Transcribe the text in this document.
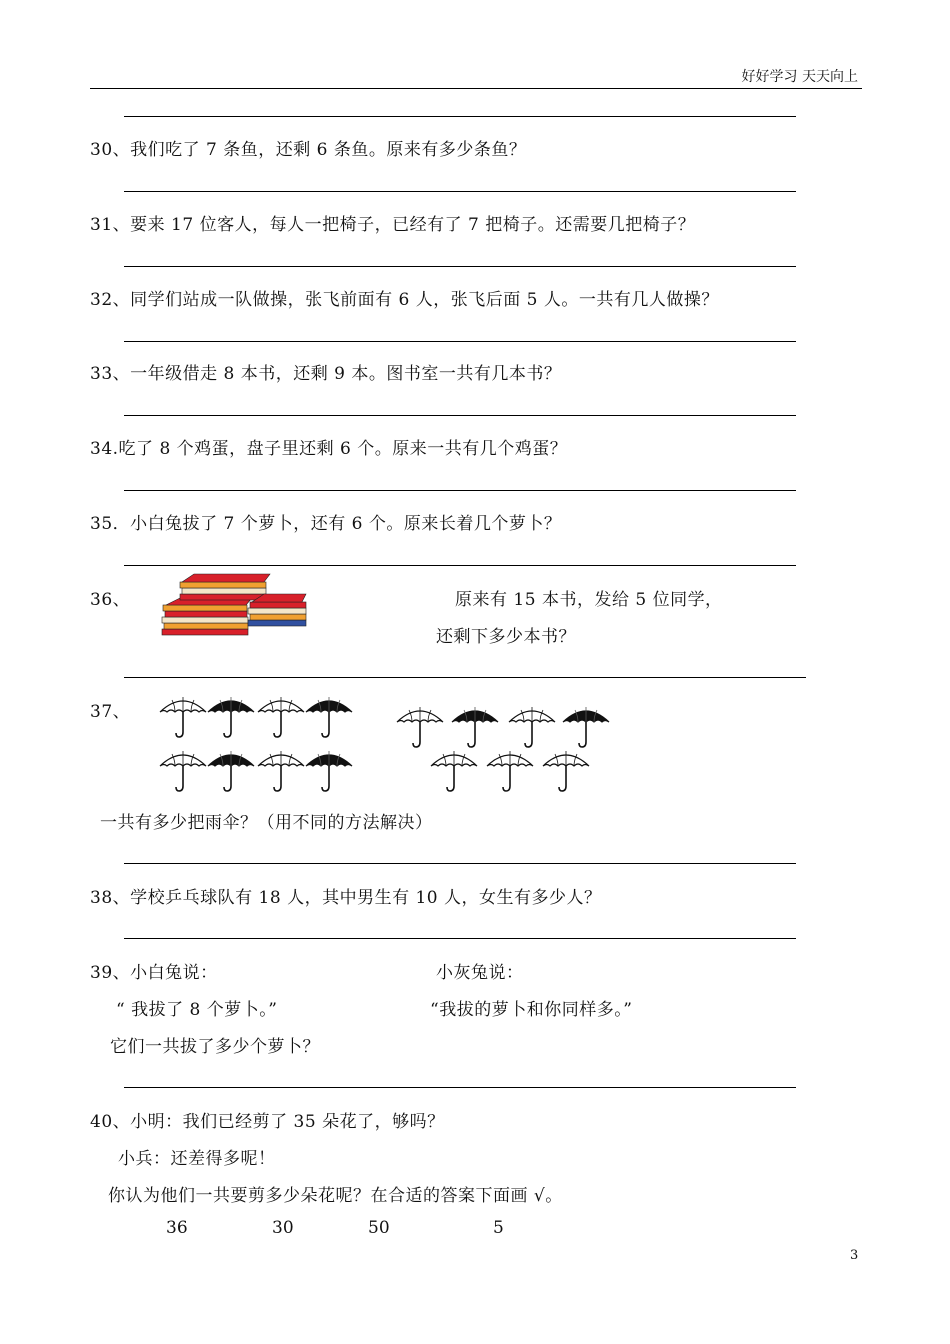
好好学习 天天向上
30、我们吃了 7 条鱼，还剩 6 条鱼。原来有多少条鱼？
31、要来 17 位客人，每人一把椅子，已经有了 7 把椅子。还需要几把椅子？
32、同学们站成一队做操，张飞前面有 6 人，张飞后面 5 人。一共有几人做操？
33、一年级借走 8 本书，还剩 9 本。图书室一共有几本书？
34.吃了 8 个鸡蛋，盘子里还剩 6 个。原来一共有几个鸡蛋？
35．小白兔拔了 7 个萝卜，还有 6 个。原来长着几个萝卜？
36、	原来有 15 本书，发给 5 位同学，
还剩下多少本书？
37、
一共有多少把雨伞？（用不同的方法解决）
38、学校乒乓球队有 18 人，其中男生有 10 人，女生有多少人？
39、小白兔说：	小灰兔说：
“ 我拔了 8 个萝卜。”	“我拔的萝卜和你同样多。”
它们一共拔了多少个萝卜？
40、小明：我们已经剪了 35 朵花了，够吗？
小兵：还差得多呢！
你认为他们一共要剪多少朵花呢？在合适的答案下面画 √。
36	30	50	5
3
